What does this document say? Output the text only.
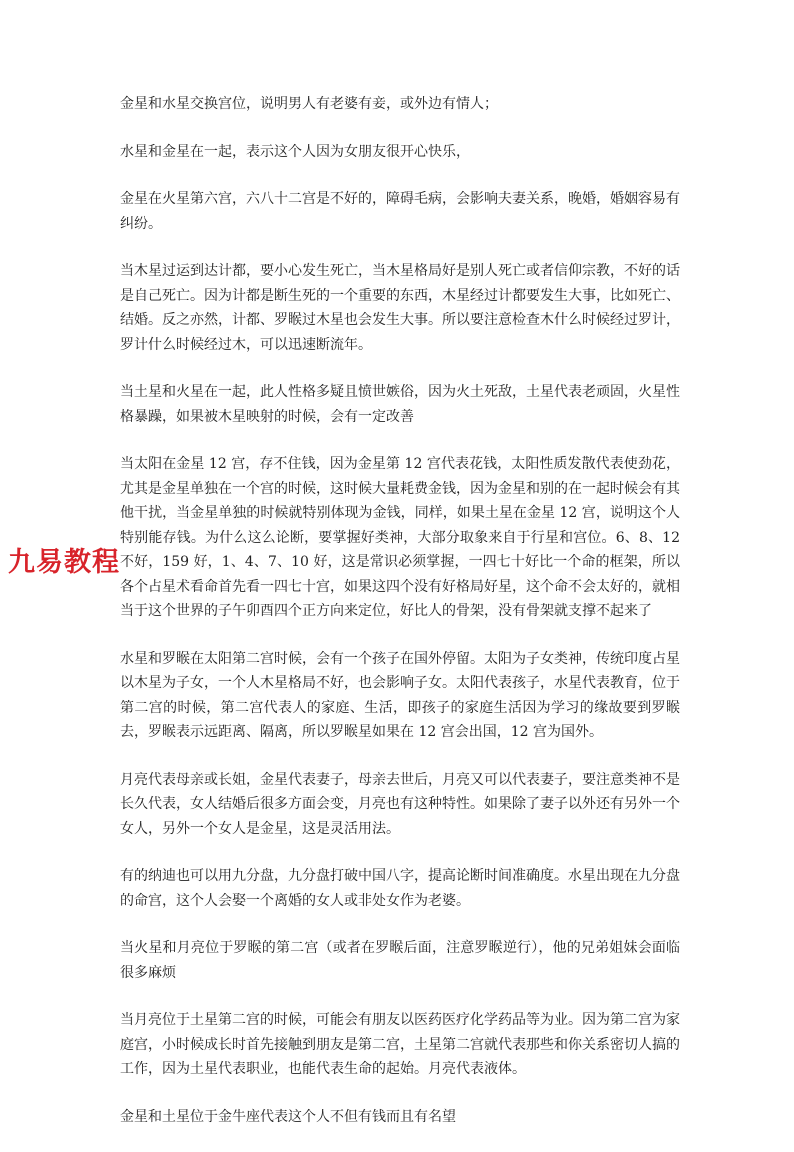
金星和水星交换宫位，说明男人有老婆有妾，或外边有情人；

水星和金星在一起，表示这个人因为女朋友很开心快乐，

金星在火星第六宫，六八十二宫是不好的，障碍毛病，会影响夫妻关系，晚婚，婚姻容易有纠纷。

当木星过运到达计都，要小心发生死亡，当木星格局好是别人死亡或者信仰宗教，不好的话是自己死亡。因为计都是断生死的一个重要的东西，木星经过计都要发生大事，比如死亡、结婚。反之亦然，计都、罗睺过木星也会发生大事。所以要注意检查木什么时候经过罗计，罗计什么时候经过木，可以迅速断流年。

当土星和火星在一起，此人性格多疑且愤世嫉俗，因为火土死敌，土星代表老顽固，火星性格暴躁，如果被木星映射的时候，会有一定改善

当太阳在金星 12 宫，存不住钱，因为金星第 12 宫代表花钱，太阳性质发散代表使劲花，尤其是金星单独在一个宫的时候，这时候大量耗费金钱，因为金星和别的在一起时候会有其他干扰，当金星单独的时候就特别体现为金钱，同样，如果土星在金星 12 宫，说明这个人特别能存钱。为什么这么论断，要掌握好类神，大部分取象来自于行星和宫位。6、8、12 不好，159 好，1、4、7、10 好，这是常识必须掌握，一四七十好比一个命的框架，所以各个占星术看命首先看一四七十宫，如果这四个没有好格局好星，这个命不会太好的，就相当于这个世界的子午卯酉四个正方向来定位，好比人的骨架，没有骨架就支撑不起来了

水星和罗睺在太阳第二宫时候，会有一个孩子在国外停留。太阳为子女类神，传统印度占星以木星为子女，一个人木星格局不好，也会影响子女。太阳代表孩子，水星代表教育，位于第二宫的时候，第二宫代表人的家庭、生活，即孩子的家庭生活因为学习的缘故要到罗睺去，罗睺表示远距离、隔离，所以罗睺星如果在 12 宫会出国，12 宫为国外。

月亮代表母亲或长姐，金星代表妻子，母亲去世后，月亮又可以代表妻子，要注意类神不是长久代表，女人结婚后很多方面会变，月亮也有这种特性。如果除了妻子以外还有另外一个女人，另外一个女人是金星，这是灵活用法。

有的纳迪也可以用九分盘，九分盘打破中国八字，提高论断时间准确度。水星出现在九分盘的命宫，这个人会娶一个离婚的女人或非处女作为老婆。

当火星和月亮位于罗睺的第二宫（或者在罗睺后面，注意罗睺逆行），他的兄弟姐妹会面临很多麻烦

当月亮位于土星第二宫的时候，可能会有朋友以医药医疗化学药品等为业。因为第二宫为家庭宫，小时候成长时首先接触到朋友是第二宫，土星第二宫就代表那些和你关系密切人搞的工作，因为土星代表职业，也能代表生命的起始。月亮代表液体。

金星和土星位于金牛座代表这个人不但有钱而且有名望

九易教程
